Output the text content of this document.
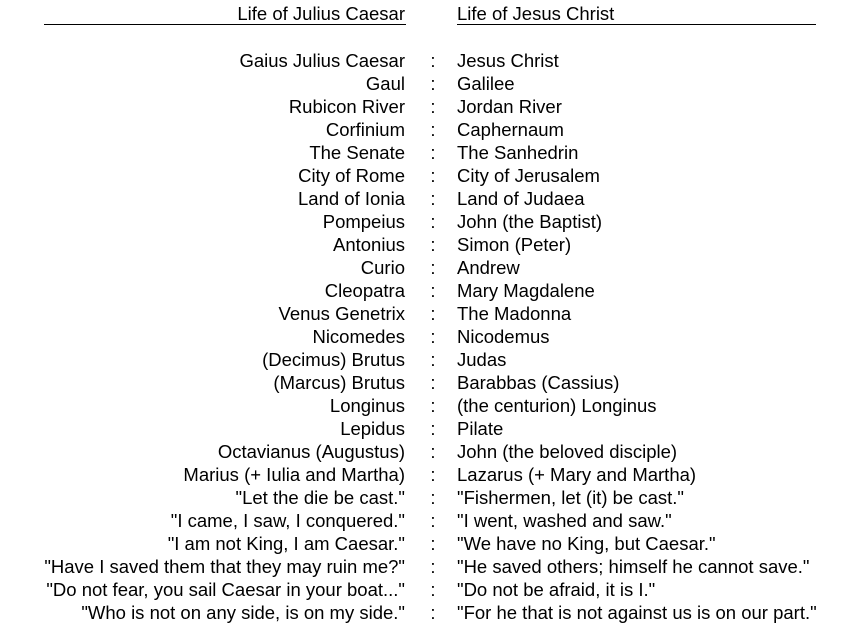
Life of Julius Caesar	Life of Jesus Christ
Gaius Julius Caesar : Jesus Christ
Gaul : Galilee
Rubicon River : Jordan River
Corfinium : Caphernaum
The Senate : The Sanhedrin
City of Rome : City of Jerusalem
Land of Ionia : Land of Judaea
Pompeius : John (the Baptist)
Antonius : Simon (Peter)
Curio : Andrew
Cleopatra : Mary Magdalene
Venus Genetrix : The Madonna
Nicomedes : Nicodemus
(Decimus) Brutus : Judas
(Marcus) Brutus : Barabbas (Cassius)
Longinus : (the centurion) Longinus
Lepidus : Pilate
Octavianus (Augustus) : John (the beloved disciple)
Marius (+ Iulia and Martha) : Lazarus (+ Mary and Martha)
"Let the die be cast." : "Fishermen, let (it) be cast."
"I came, I saw, I conquered." : "I went, washed and saw."
"I am not King, I am Caesar." : "We have no King, but Caesar."
"Have I saved them that they may ruin me?" : "He saved others; himself he cannot save."
"Do not fear, you sail Caesar in your boat..." : "Do not be afraid, it is I."
"Who is not on any side, is on my side." : "For he that is not against us is on our part."
